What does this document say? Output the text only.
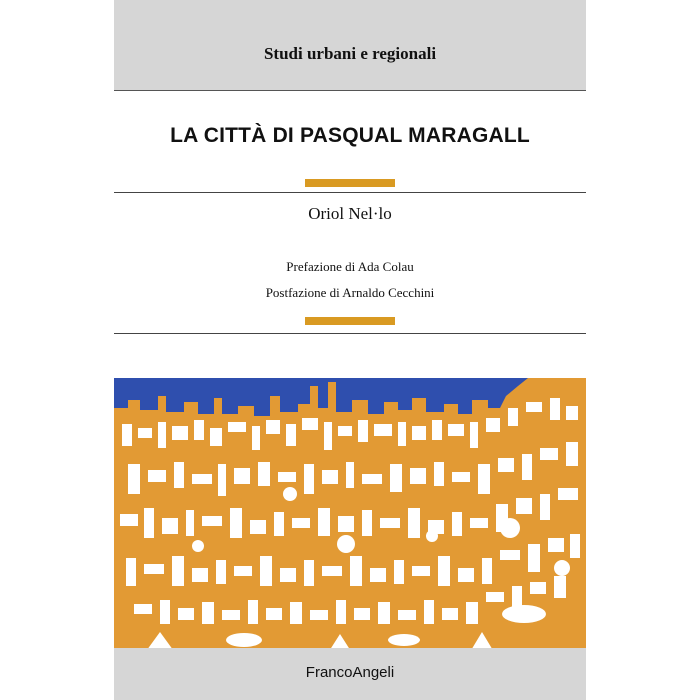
Studi urbani e regionali
LA CITTÀ DI PASQUAL MARAGALL
Oriol Nel·lo
Prefazione di Ada Colau
Postfazione di Arnaldo Cecchini
FrancoAngeli
